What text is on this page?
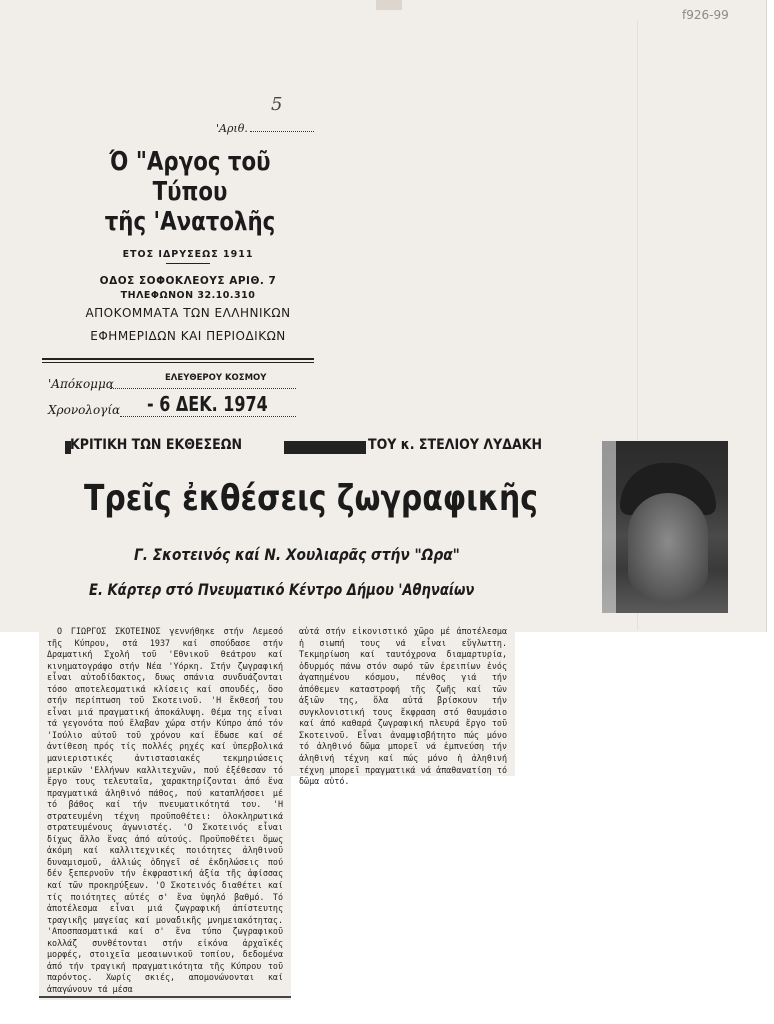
f926-99
5
'Αριθ.
Ό "Αργος τοῦ Τύπου
τῆς 'Ανατολῆς
ΕΤΟΣ ΙΔΡΥΣΕΩΣ 1911
ΟΔΟΣ ΣΟΦΟΚΛΕΟΥΣ ΑΡΙΘ. 7
ΤΗΛΕΦΩΝΟΝ 32.10.310
ΑΠΟΚΟΜΜΑΤΑ ΤΩΝ ΕΛΛΗΝΙΚΩΝ
ΕΦΗΜΕΡΙΔΩΝ ΚΑΙ ΠΕΡΙΟΔΙΚΩΝ
'Απόκομμα	ΕΛΕΥΘΕΡΟΥ ΚΟΣΜΟΥ
Χρονολογία - 6 ΔΕΚ. 1974
ΚΡΙΤΙΚΗ ΤΩΝ ΕΚΘΕΣΕΩΝ	ΤΟΥ κ. ΣΤΕΛΙΟΥ ΛΥΔΑΚΗ
Τρεῖς ἐκθέσεις ζωγραφικῆς
Γ. Σκοτεινός καί Ν. Χουλιαρᾶς στήν "Ωρα"
Ε. Κάρτερ στό Πνευματικό Κέντρο Δήμου 'Αθηναίων

Ο ΓΙΩΡΓΟΣ ΣΚΟΤΕΙΝΟΣ γεννήθηκε στήν Λεμεσό τῆς Κύπρου, στά 1937 καί σπούδασε στήν Δραματική Σχολή τοῦ 'Εθνικοῦ θεάτρου καί κινηματογράφο στήν Νέα 'Υόρκη. Στήν ζωγραφική εἶναι αὐτοδίδακτος, δυως σπάνια συνδυάζονται τόσο αποτελεσματικά κλίσεις καί σπουδές, ὅσο στήν περίπτωση τοῦ Σκοτεινοῦ. 'Η ἔκθεσή του εἶναι μιά πραγματική ἀποκάλυψη. Θέμα της εἶναι τά γεγονότα πού ἔλαβαν χώρα στήν Κύπρο ἀπό τόν 'Ιούλιο αὐτοῦ τοῦ χρόνου καί ἔδωσε καί σέ ἀντίθεση πρός τίς πολλές ρηχές καί ὑπερβολικά μανιεριστικές ἀντιστασιακές τεκμηριώσεις μερικῶν 'Ελλήνων καλλιτεχνῶν, πού ἐξέθεσαν τό ἔργο τους τελευταῖα, χαρακτηρίζονται ἀπό ἕνα πραγματικά ἀληθινό πάθος, πού καταπλήσσει μέ τό βάθος καί τήν πνευματικότητά του. 'Η στρατευμένη τέχνη προϋποθέτει: ὁλοκληρωτικά στρατευμένους ἀγωνιστές. 'Ο Σκοτεινός εἶναι δίχως ἄλλο ἕνας ἀπό αὐτούς. Προϋποθέτει ὅμως ἀκόμη καί καλλιτεχνικές ποιότητες ἀληθινοῦ δυναμισμοῦ, ἀλλιώς ὁδηγεῖ σέ ἐκδηλώσεις πού δέν ξεπερνοῦν τήν ἐκφραστική ἀξία τῆς ἀφίσσας καί τῶν προκηρύξεων. 'Ο Σκοτεινός διαθέτει καί τίς ποιότητες αὐτές σ' ἕνα ὑψηλό βαθμό. Τό ἀποτέλεσμα εἶναι μιά ζωγραφική ἀπίστευτης τραγικῆς μαγείας καί μοναδικῆς μνημειακότητας. 'Αποσπασματικά καί σ' ἕνα τύπο ζωγραφικοῦ κολλάζ συνθέτονται στήν εἰκόνα ἀρχαϊκές μορφές, στοιχεῖα μεσαιωνικοῦ τοπίου, δεδομένα ἀπό τήν τραγική πραγματικότητα τῆς Κύπρου τοῦ παρόντος. Χωρίς σκιές, απομονώνονται καί ἀπαγώνουν τά μέσα

αὐτά στήν εἰκονιστικό χῶρο μέ ἀποτέλεσμα ἡ σιωπή τους νά εἶναι εὔγλωττη. Τεκμηρίωση καί ταυτόχρονα διαμαρτυρία, ὀδυρμός πάνω στόν σωρό τῶν ἐρειπίων ἑνός ἀγαπημένου κόσμου, πένθος γιά τήν ἀπόθεμεν καταστροφή τῆς ζωῆς καί τῶν ἀξιῶν της, ὅλα αὐτά βρίσκουν τήν συγκλονιστική τους ἔκφραση στό θαυμάσιο καί ἀπό καθαρά ζωγραφική πλευρά ἔργο τοῦ Σκοτεινοῦ. Εἶναι ἀναμφισβήτητο πώς μόνο τό ἀληθινό δῶμα μπορεῖ νά ἐμπνεύση τήν ἀληθινή τέχνη καί πώς μόνο ἡ ἀληθινή τέχνη μπορεῖ πραγματικά νά ἀπαθανατίση τό δῶμα αὐτό.
